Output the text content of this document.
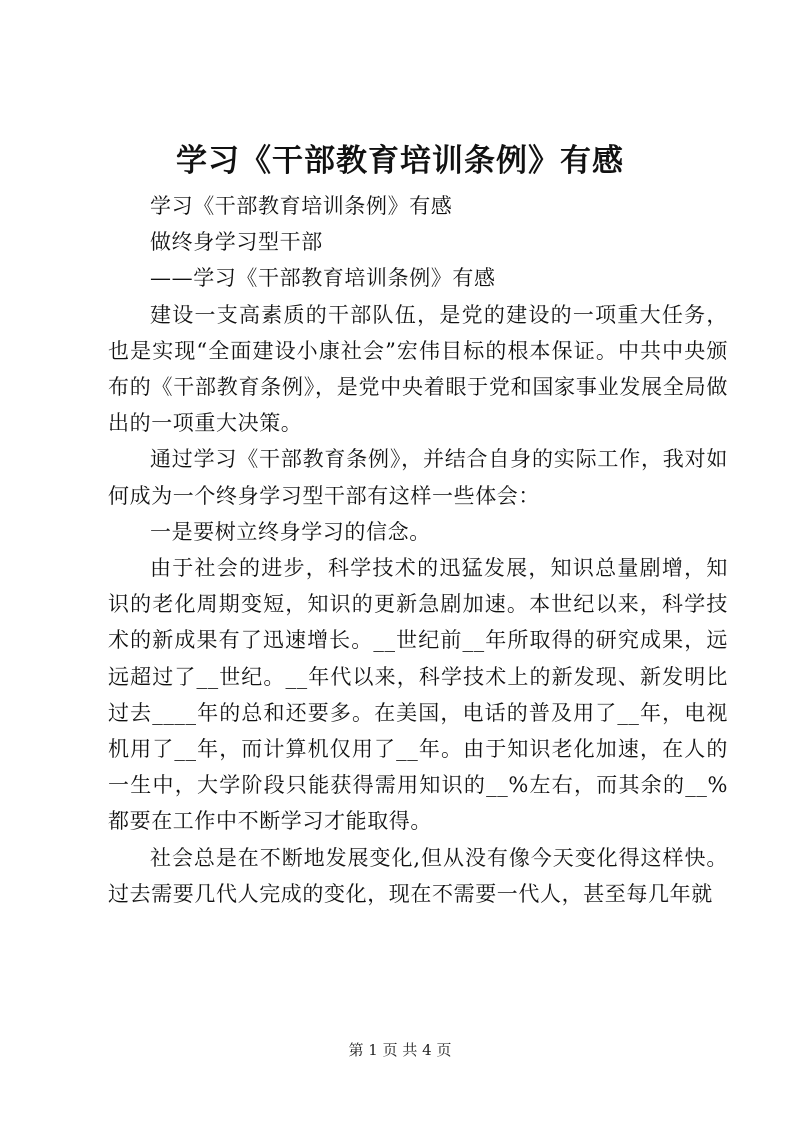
学习《干部教育培训条例》有感

学习《干部教育培训条例》有感

做终身学习型干部

——学习《干部教育培训条例》有感

建设一支高素质的干部队伍，是党的建设的一项重大任务，也是实现“全面建设小康社会”宏伟目标的根本保证。中共中央颁布的《干部教育条例》，是党中央着眼于党和国家事业发展全局做出的一项重大决策。

通过学习《干部教育条例》，并结合自身的实际工作，我对如何成为一个终身学习型干部有这样一些体会：

一是要树立终身学习的信念。

由于社会的进步，科学技术的迅猛发展，知识总量剧增，知识的老化周期变短，知识的更新急剧加速。本世纪以来，科学技术的新成果有了迅速增长。__世纪前__年所取得的研究成果，远远超过了__世纪。__年代以来，科学技术上的新发现、新发明比过去____年的总和还要多。在美国，电话的普及用了__年，电视机用了__年，而计算机仅用了__年。由于知识老化加速，在人的一生中，大学阶段只能获得需用知识的__%左右，而其余的__%都要在工作中不断学习才能取得。

社会总是在不断地发展变化,但从没有像今天变化得这样快。过去需要几代人完成的变化，现在不需要一代人，甚至每几年就

第 1 页 共 4 页
